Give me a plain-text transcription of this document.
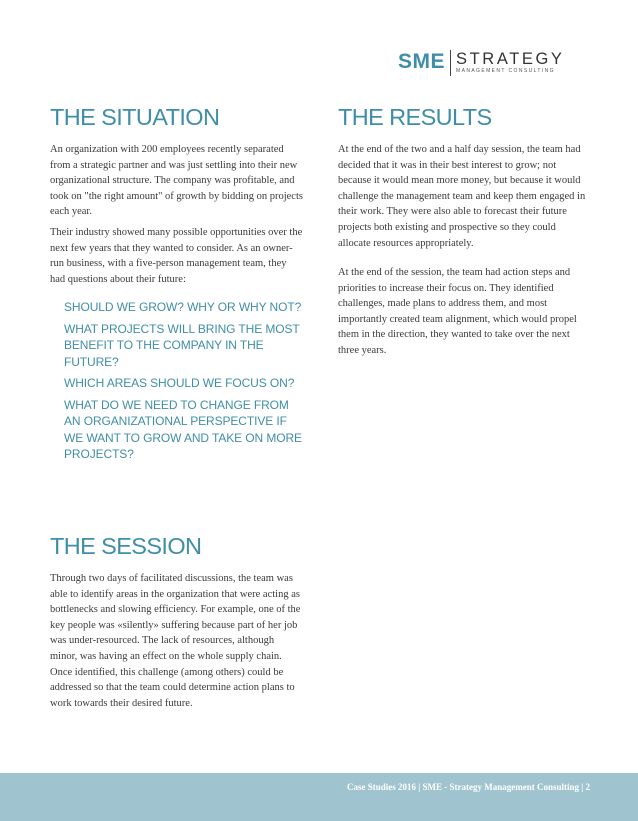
SME STRATEGY
MANAGEMENT CONSULTING
THE SITUATION

An organization with 200 employees recently separated from a strategic partner and was just settling into their new organizational structure. The company was profitable, and took on "the right amount" of growth by bidding on projects each year.

Their industry showed many possible opportunities over the next few years that they wanted to consider. As an owner-run business, with a five-person management team, they had questions about their future:

SHOULD WE GROW? WHY OR WHY NOT?
WHAT PROJECTS WILL BRING THE MOST BENEFIT TO THE COMPANY IN THE FUTURE?
WHICH AREAS SHOULD WE FOCUS ON?
WHAT DO WE NEED TO CHANGE FROM AN ORGANIZATIONAL PERSPECTIVE IF WE WANT TO GROW AND TAKE ON MORE PROJECTS?
THE SESSION

Through two days of facilitated discussions, the team was able to identify areas in the organization that were acting as bottlenecks and slowing efficiency. For example, one of the key people was «silently» suffering because part of her job was under-resourced. The lack of resources, although minor, was having an effect on the whole supply chain. Once identified, this challenge (among others) could be addressed so that the team could determine action plans to work towards their desired future.

THE RESULTS

At the end of the two and a half day session, the team had decided that it was in their best interest to grow; not because it would mean more money, but because it would challenge the management team and keep them engaged in their work. They were also able to forecast their future projects both existing and prospective so they could allocate resources appropriately.

At the end of the session, the team had action steps and priorities to increase their focus on. They identified challenges, made plans to address them, and most importantly created team alignment, which would propel them in the direction, they wanted to take over the next three years.

Case Studies 2016 | SME - Strategy Management Consulting | 2
